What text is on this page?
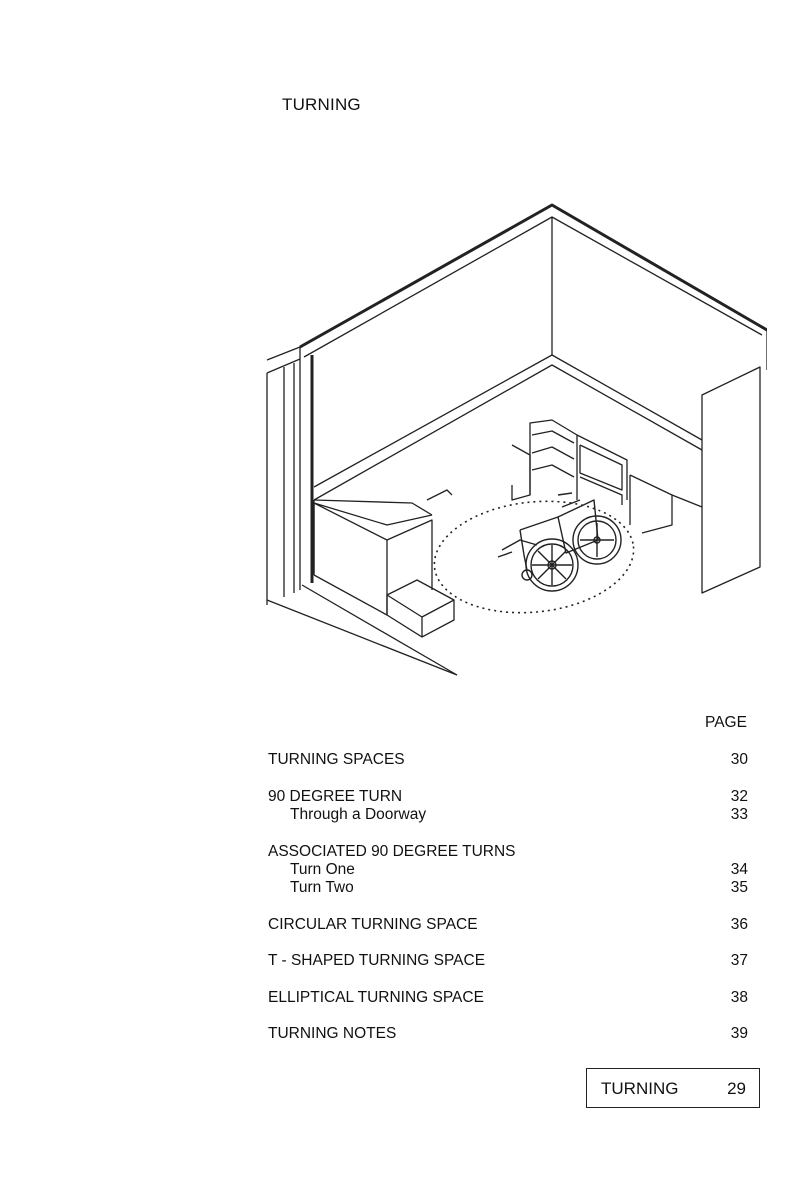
TURNING
PAGE
TURNING SPACES	30
90 DEGREE TURN	32
Through a Doorway	33
ASSOCIATED 90 DEGREE TURNS
Turn One	34
Turn Two	35
CIRCULAR TURNING SPACE	36
T - SHAPED TURNING SPACE	37
ELLIPTICAL TURNING SPACE	38
TURNING NOTES	39
TURNING	29
